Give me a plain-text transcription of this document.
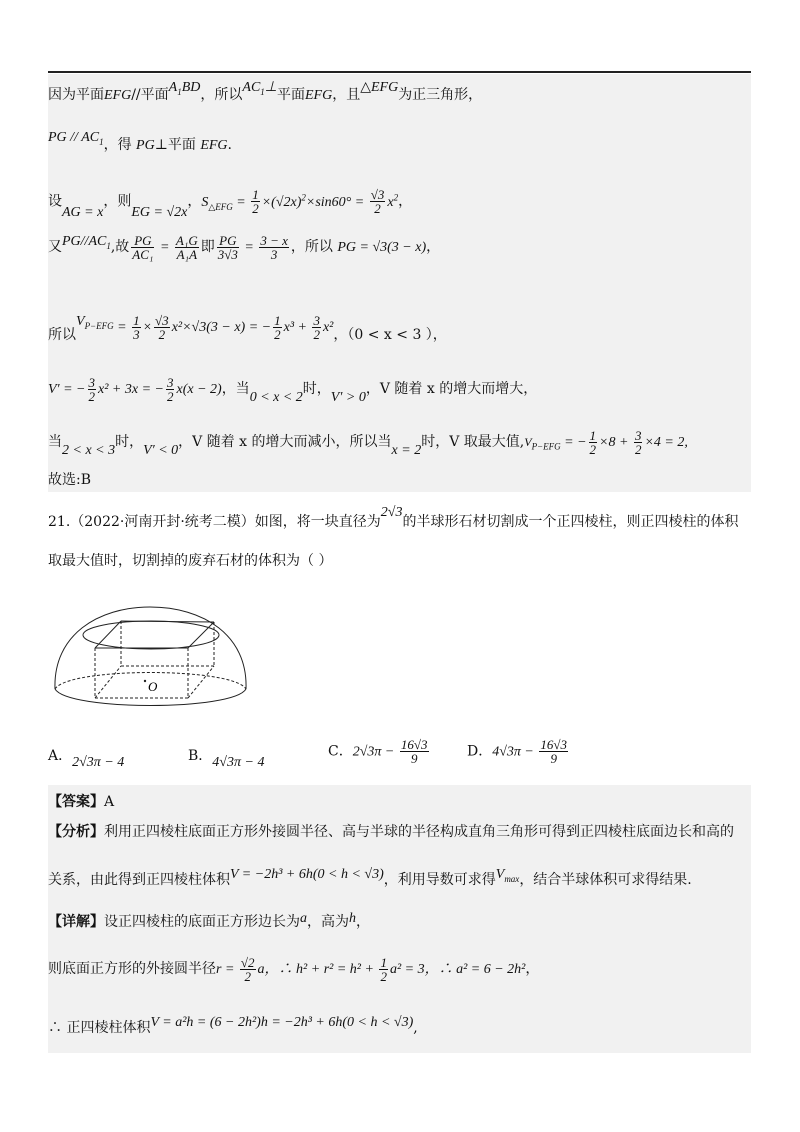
因为平面EFG//平面$A_1BD$，所以$AC_1\perp$平面EFG，且△EFG为正三角形，
PG // $AC_1$，得 PG⊥平面 EFG.
设AG = x，则EG = √2x，$S_{\triangle EFG} = \frac{1}{2} \times(√2x)^2\times\sin 60^\circ = \frac{√3}{2} x^2$，
又$PG//AC_1$,故 $\frac{PG}{\text{AC₁}} = \frac{\text{A₁G}}{\text{A₁A}}$ 即 $\frac{PG}{3√3} = \frac{3 - x}{3}$ ，所以 PG = √3(3 − x)，
所以$V_{P-EFG} = \frac{1}{3} \times \frac{√3}{2} x^2\times√3(3 - x)$ = − $\frac{1}{2} x^3 + \frac{3}{2} x^2$，（0 < x < 3 ），
V′ = − $\frac{3}{2} x^2 + 3x$ = − $\frac{3}{2} x(x - 2)$，当0 < x < 2时，V′ > 0，V 随着 x 的增大而增大，
当2 < x < 3时，V′ < 0，V 随着 x 的增大而减小，所以当x = 2时，V 取最大值$,V_{P-EFG}$ = − $\frac{1}{2} \times 8 + \frac{3}{2} \times 4 = 2$,
故选:B
21.（2022·河南开封·统考二模）如图，将一块直径为2√3的半球形石材切割成一个正四棱柱，则正四棱柱的体积
取最大值时，切割掉的废弃石材的体积为（ ）
O
A．2√3π − 4	B．4√3π − 4
C．$2√3\pi - \frac{16√3}{9}$	D．$4√3\pi - \frac{16√3}{9}$
【答案】A
【分析】利用正四棱柱底面正方形外接圆半径、高与半球的半径构成直角三角形可得到正四棱柱底面边长和高的
关系，由此得到正四棱柱体积V = −2h³ + 6h(0 < h < √3)，利用导数可求得$V_{max}$，结合半球体积可求得结果.
【详解】设正四棱柱的底面正方形边长为a，高为h，
则底面正方形的外接圆半径$r = \frac{√2}{2}$ a，∴ $h^2 + r^2 = h^2 + \frac{1}{2} a^2 = 3$，∴ a² = 6 − 2h²，
∴ 正四棱柱体积V = a²h = (6 − 2h²)h = −2h³ + 6h(0 < h < √3),
